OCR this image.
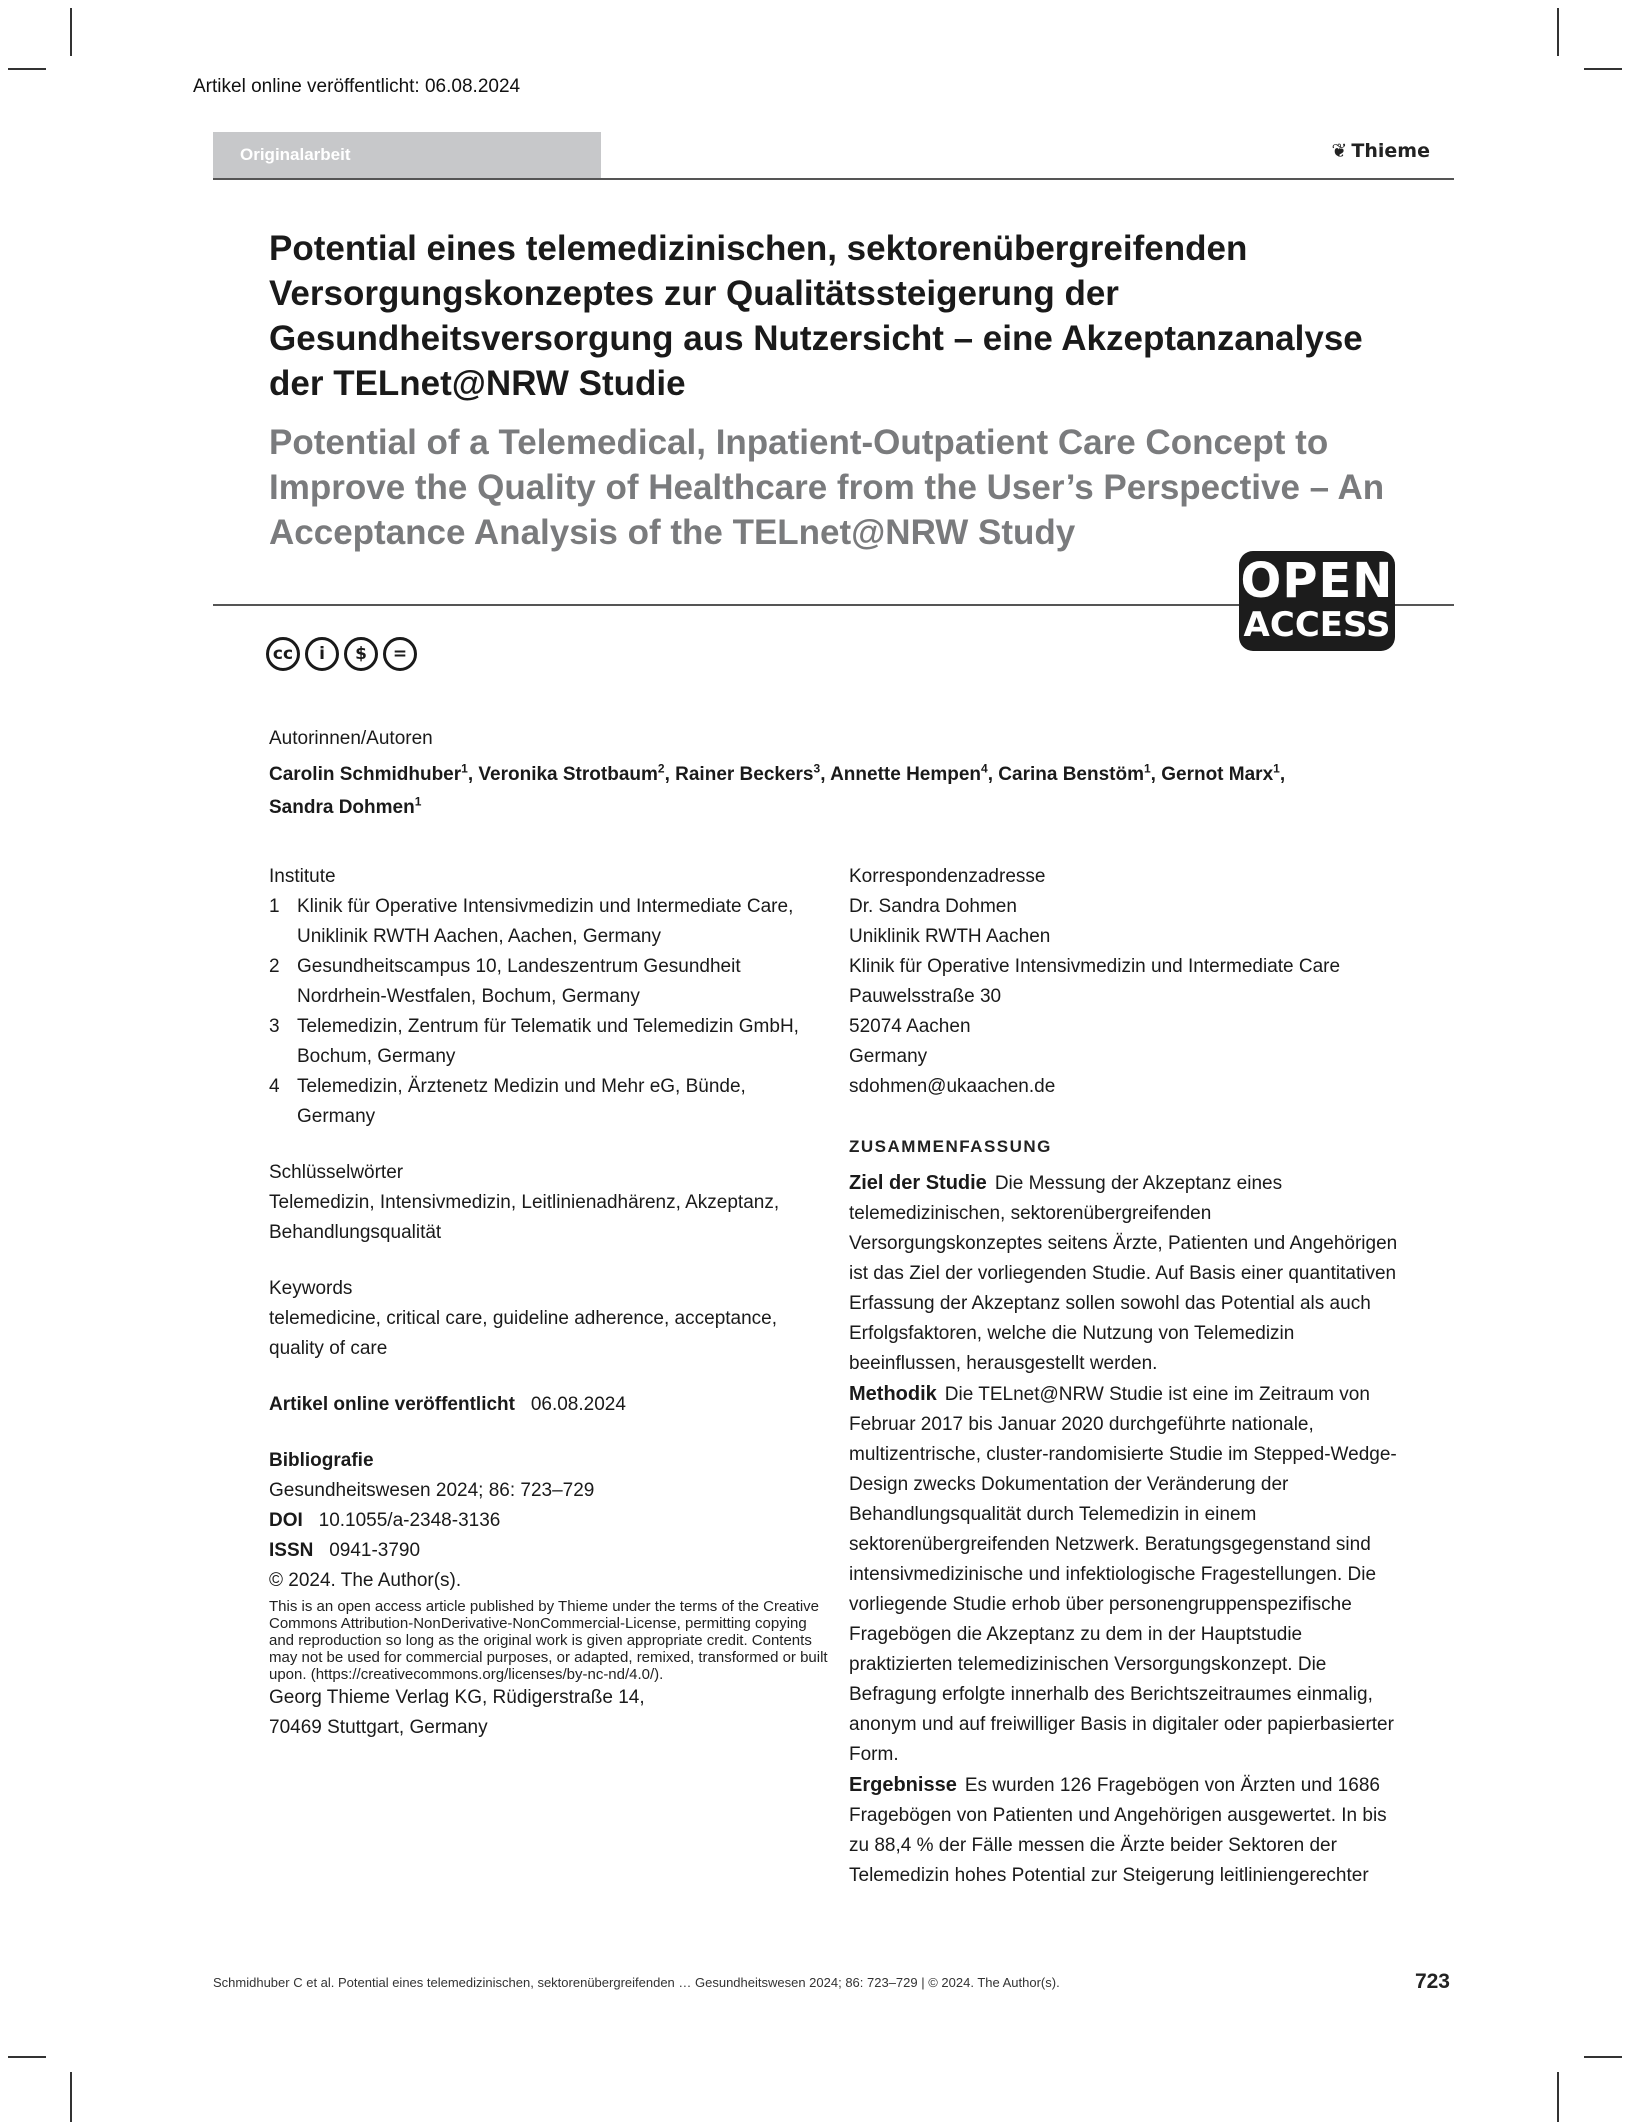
Artikel online veröffentlicht: 06.08.2024
Originalarbeit	❦ Thieme
Potential eines telemedizinischen, sektorenübergreifenden Versorgungskonzeptes zur Qualitätssteigerung der Gesundheitsversorgung aus Nutzersicht – eine Akzeptanzanalyse der TELnet@NRW Studie
Potential of a Telemedical, Inpatient-Outpatient Care Concept to Improve the Quality of Healthcare from the User’s Perspective – An Acceptance Analysis of the TELnet@NRW Study
OPEN
ACCESS
cc	i	$	=
Autorinnen/Autoren
Carolin Schmidhuber$^1$, Veronika Strotbaum$^2$, Rainer Beckers$^3$, Annette Hempen$^4$, Carina Benstöm$^1$, Gernot Marx$^1$,
Sandra Dohmen$^1$
Institute
1 Klinik für Operative Intensivmedizin und Intermediate Care, Uniklinik RWTH Aachen, Aachen, Germany
2 Gesundheitscampus 10, Landeszentrum Gesundheit Nordrhein-Westfalen, Bochum, Germany
3 Telemedizin, Zentrum für Telematik und Telemedizin GmbH, Bochum, Germany
4 Telemedizin, Ärztenetz Medizin und Mehr eG, Bünde, Germany
Schlüsselwörter
Telemedizin, Intensivmedizin, Leitlinienadhärenz, Akzeptanz, Behandlungsqualität
Keywords
telemedicine, critical care, guideline adherence, acceptance, quality of care
Artikel online veröffentlicht 06.08.2024
Bibliografie
Gesundheitswesen 2024; 86: 723–729
DOI 10.1055/a-2348-3136
ISSN 0941-3790
© 2024. The Author(s).
This is an open access article published by Thieme under the terms of the Creative Commons Attribution-NonDerivative-NonCommercial-License, permitting copying and reproduction so long as the original work is given appropriate credit. Contents may not be used for commercial purposes, or adapted, remixed, transformed or built upon. (https://creativecommons.org/licenses/by-nc-nd/4.0/).
Georg Thieme Verlag KG, Rüdigerstraße 14,
70469 Stuttgart, Germany
Korrespondenzadresse
Dr. Sandra Dohmen
Uniklinik RWTH Aachen
Klinik für Operative Intensivmedizin und Intermediate Care
Pauwelsstraße 30
52074 Aachen
Germany
sdohmen@ukaachen.de
ZUSAMMENFASSUNG

Ziel der Studie Die Messung der Akzeptanz eines telemedizinischen, sektorenübergreifenden Versorgungskonzeptes seitens Ärzte, Patienten und Angehörigen ist das Ziel der vorliegenden Studie. Auf Basis einer quantitativen Erfassung der Akzeptanz sollen sowohl das Potential als auch Erfolgsfaktoren, welche die Nutzung von Telemedizin beeinflussen, herausgestellt werden.

Methodik Die TELnet@NRW Studie ist eine im Zeitraum von Februar 2017 bis Januar 2020 durchgeführte nationale, multizentrische, cluster-randomisierte Studie im Stepped-Wedge-Design zwecks Dokumentation der Veränderung der Behandlungsqualität durch Telemedizin in einem sektorenübergreifenden Netzwerk. Beratungsgegenstand sind intensivmedizinische und infektiologische Fragestellungen. Die vorliegende Studie erhob über personengruppenspezifische Fragebögen die Akzeptanz zu dem in der Hauptstudie praktizierten telemedizinischen Versorgungskonzept. Die Befragung erfolgte innerhalb des Berichtszeitraumes einmalig, anonym und auf freiwilliger Basis in digitaler oder papierbasierter Form.

Ergebnisse Es wurden 126 Fragebögen von Ärzten und 1686 Fragebögen von Patienten und Angehörigen ausgewertet. In bis zu 88,4 % der Fälle messen die Ärzte beider Sektoren der Telemedizin hohes Potential zur Steigerung leitliniengerechter

Schmidhuber C et al. Potential eines telemedizinischen, sektorenübergreifenden … Gesundheitswesen 2024; 86: 723–729 | © 2024. The Author(s).	723
